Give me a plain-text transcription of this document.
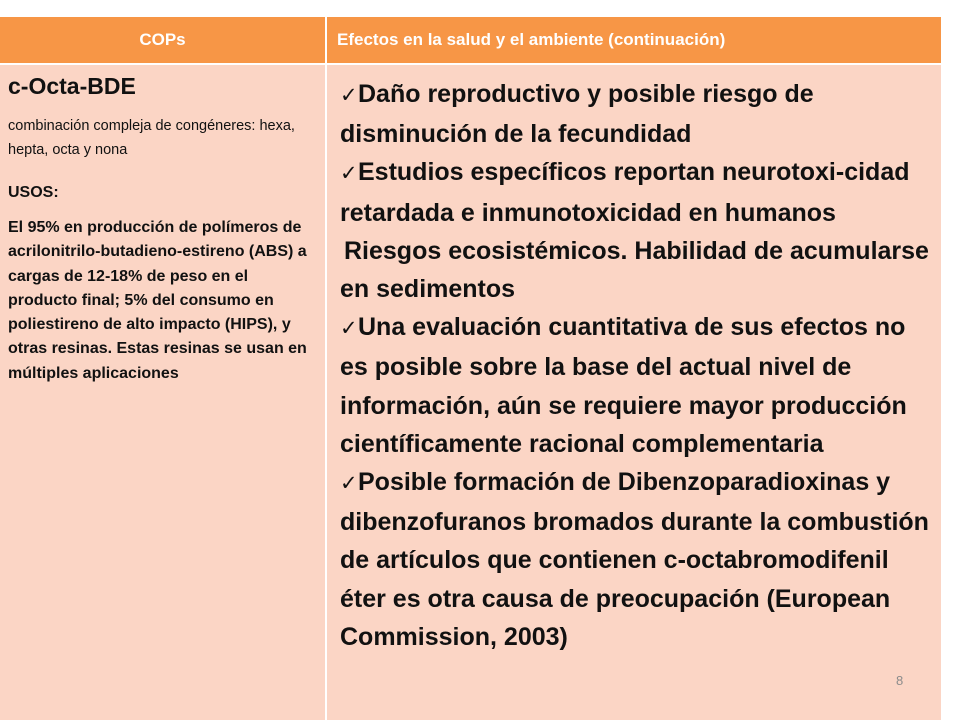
COPs	Efectos en la salud y el ambiente (continuación)

c-Octa-BDE

combinación compleja de congéneres: hexa, hepta, octa y nona

USOS:

El 95% en producción de polímeros de acrilonitrilo-butadieno-estireno (ABS) a cargas de 12-18% de peso en el producto final; 5% del consumo en poliestireno de alto impacto (HIPS), y otras resinas. Estas resinas se usan en múltiples aplicaciones

✓Daño reproductivo y posible riesgo de disminución de la fecundidad
✓Estudios específicos reportan neurotoxi-cidad retardada e inmunotoxicidad en humanos
Riesgos ecosistémicos. Habilidad de acumularse en sedimentos
✓Una evaluación cuantitativa de sus efectos no es posible sobre la base del actual nivel de información, aún se requiere mayor producción científicamente racional complementaria
✓Posible formación de Dibenzoparadioxinas y dibenzofuranos bromados durante la combustión de artículos que contienen c-octabromodifenil éter es otra causa de preocupación (European Commission, 2003)
8
